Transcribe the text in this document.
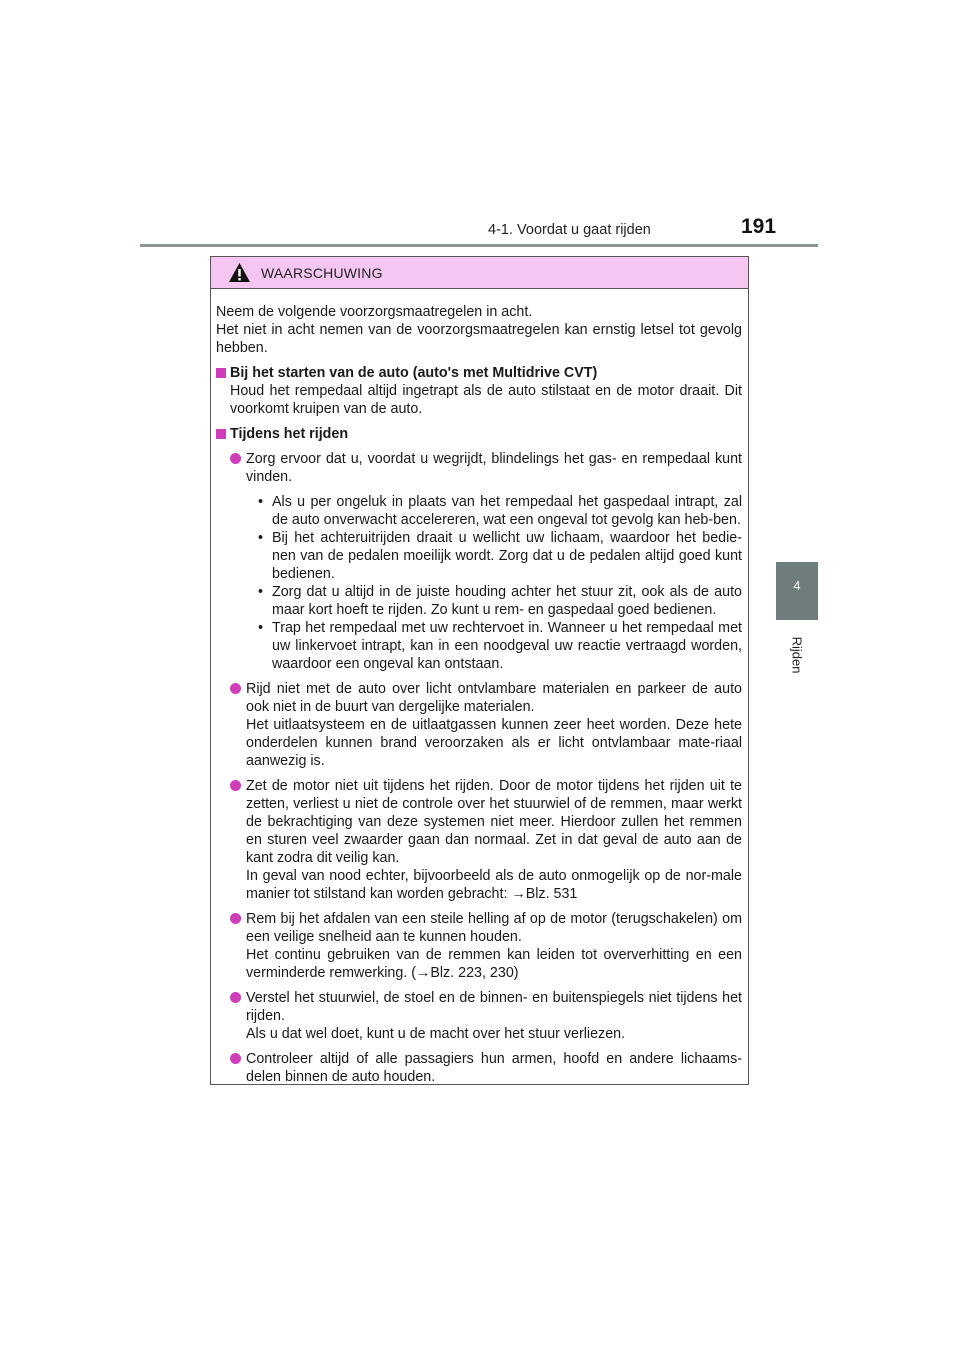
4-1. Voordat u gaat rijden	191
4
Rijden
WAARSCHUWING

Neem de volgende voorzorgsmaatregelen in acht.

Het niet in acht nemen van de voorzorgsmaatregelen kan ernstig letsel tot gevolg hebben.

Bij het starten van de auto (auto's met Multidrive CVT)

Houd het rempedaal altijd ingetrapt als de auto stilstaat en de motor draait. Dit voorkomt kruipen van de auto.

Tijdens het rijden

Zorg ervoor dat u, voordat u wegrijdt, blindelings het gas- en rempedaal kunt vinden.

• Als u per ongeluk in plaats van het rempedaal het gaspedaal intrapt, zal de auto onverwacht accelereren, wat een ongeval tot gevolg kan heb-ben.
• Bij het achteruitrijden draait u wellicht uw lichaam, waardoor het bedie-nen van de pedalen moeilijk wordt. Zorg dat u de pedalen altijd goed kunt bedienen.
• Zorg dat u altijd in de juiste houding achter het stuur zit, ook als de auto maar kort hoeft te rijden. Zo kunt u rem- en gaspedaal goed bedienen.
• Trap het rempedaal met uw rechtervoet in. Wanneer u het rempedaal met uw linkervoet intrapt, kan in een noodgeval uw reactie vertraagd worden, waardoor een ongeval kan ontstaan.

Rijd niet met de auto over licht ontvlambare materialen en parkeer de auto ook niet in de buurt van dergelijke materialen.

Het uitlaatsysteem en de uitlaatgassen kunnen zeer heet worden. Deze hete onderdelen kunnen brand veroorzaken als er licht ontvlambaar mate-riaal aanwezig is.

Zet de motor niet uit tijdens het rijden. Door de motor tijdens het rijden uit te zetten, verliest u niet de controle over het stuurwiel of de remmen, maar werkt de bekrachtiging van deze systemen niet meer. Hierdoor zullen het remmen en sturen veel zwaarder gaan dan normaal. Zet in dat geval de auto aan de kant zodra dit veilig kan.

In geval van nood echter, bijvoorbeeld als de auto onmogelijk op de nor-male manier tot stilstand kan worden gebracht: →Blz. 531

Rem bij het afdalen van een steile helling af op de motor (terugschakelen) om een veilige snelheid aan te kunnen houden.

Het continu gebruiken van de remmen kan leiden tot oververhitting en een verminderde remwerking. (→Blz. 223, 230)

Verstel het stuurwiel, de stoel en de binnen- en buitenspiegels niet tijdens het rijden.

Als u dat wel doet, kunt u de macht over het stuur verliezen.

Controleer altijd of alle passagiers hun armen, hoofd en andere lichaams-delen binnen de auto houden.
